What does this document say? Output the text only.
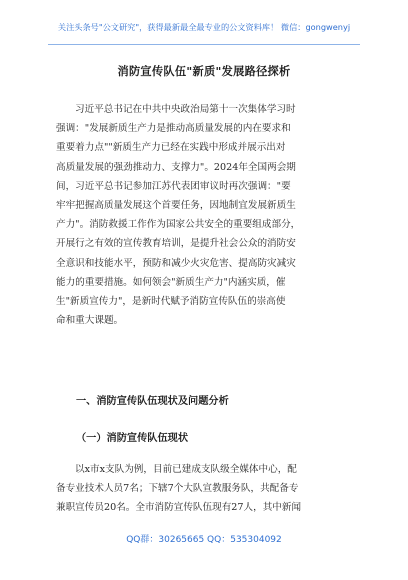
关注头条号"公文研究"，获得最新最全最专业的公文资料库！ 微信：gongwenyj
消防宣传队伍"新质"发展路径探析
习近平总书记在中共中央政治局第十一次集体学习时
强调："发展新质生产力是推动高质量发展的内在要求和
重要着力点""新质生产力已经在实践中形成并展示出对
高质量发展的强劲推动力、支撑力"。2024年全国两会期
间，习近平总书记参加江苏代表团审议时再次强调："要
牢牢把握高质量发展这个首要任务，因地制宜发展新质生
产力"。消防救援工作作为国家公共安全的重要组成部分，
开展行之有效的宣传教育培训，是提升社会公众的消防安
全意识和技能水平，预防和减少火灾危害、提高防灾减灾
能力的重要措施。如何领会"新质生产力"内涵实质，催
生"新质宣传力"，是新时代赋予消防宣传队伍的崇高使
命和重大课题。
一、消防宣传队伍现状及问题分析
（一）消防宣传队伍现状
以x市x支队为例，目前已建成支队级全媒体中心，配
备专业技术人员7名；下辖7个大队宣教服务队，共配备专
兼职宣传员20名。全市消防宣传队伍现有27人，其中新闻
QQ群：30265665 QQ：535304092
